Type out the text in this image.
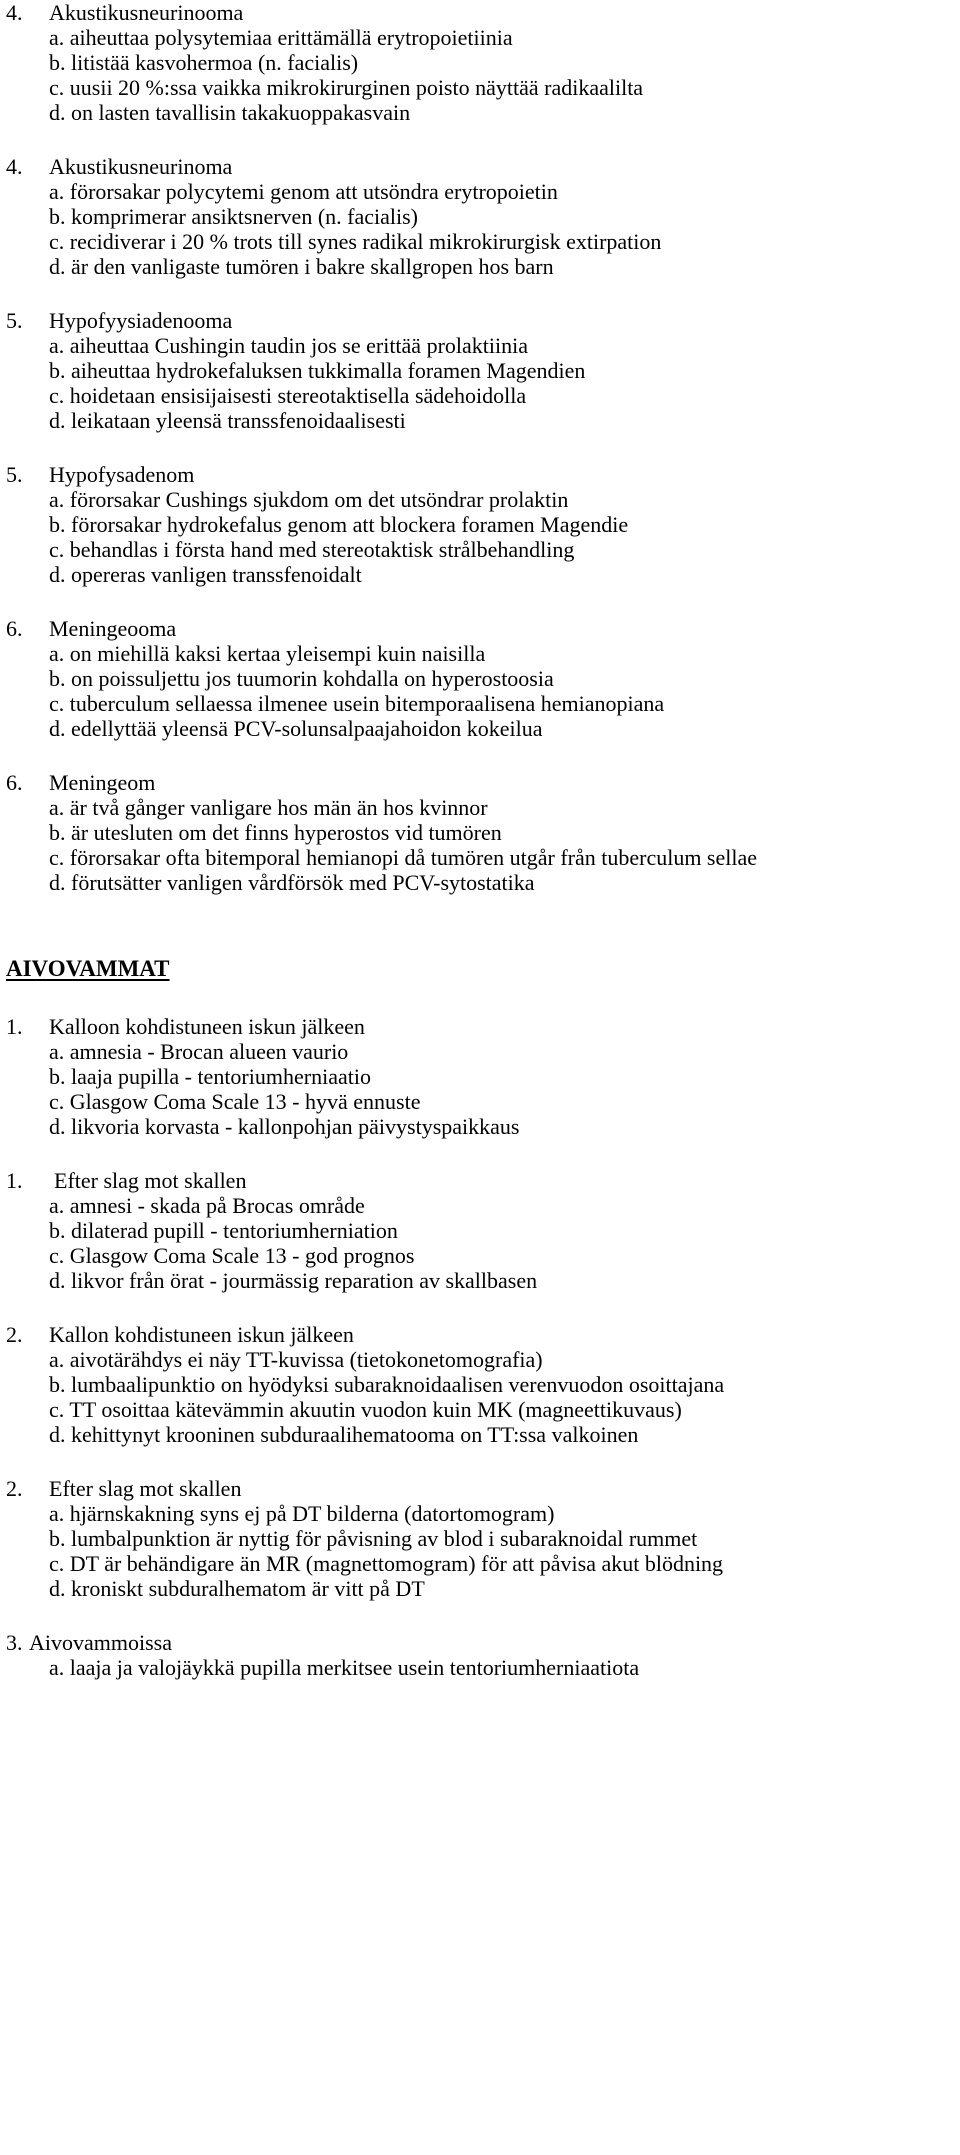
4.	Akustikusneurinooma
a. aiheuttaa polysytemiaa erittämällä erytropoietiinia
b. litistää kasvohermoa (n. facialis)
c. uusii 20 %:ssa vaikka mikrokirurginen poisto näyttää radikaalilta
d. on lasten tavallisin takakuoppakasvain
4.	Akustikusneurinoma
a. förorsakar polycytemi genom att utsöndra erytropoietin
b. komprimerar ansiktsnerven (n. facialis)
c. recidiverar i 20 % trots till synes radikal mikrokirurgisk extirpation
d. är den vanligaste tumören i bakre skallgropen hos barn
5.	Hypofyysiadenooma
a. aiheuttaa Cushingin taudin jos se erittää prolaktiinia
b. aiheuttaa hydrokefaluksen tukkimalla foramen Magendien
c. hoidetaan ensisijaisesti stereotaktisella sädehoidolla
d. leikataan yleensä transsfenoidaalisesti
5.	Hypofysadenom
a. förorsakar Cushings sjukdom om det utsöndrar prolaktin
b. förorsakar hydrokefalus genom att blockera foramen Magendie
c. behandlas i första hand med stereotaktisk strålbehandling
d. opereras vanligen transsfenoidalt
6.	Meningeooma
a. on miehillä kaksi kertaa yleisempi kuin naisilla
b. on poissuljettu jos tuumorin kohdalla on hyperostoosia
c. tuberculum sellaessa ilmenee usein bitemporaalisena hemianopiana
d. edellyttää yleensä PCV-solunsalpaajahoidon kokeilua
6.	Meningeom
a. är två gånger vanligare hos män än hos kvinnor
b. är utesluten om det finns hyperostos vid tumören
c. förorsakar ofta bitemporal hemianopi då tumören utgår från tuberculum sellae
d. förutsätter vanligen vårdförsök med PCV-sytostatika
AIVOVAMMAT
1.	Kalloon kohdistuneen iskun jälkeen
a. amnesia - Brocan alueen vaurio
b. laaja pupilla - tentoriumherniaatio
c. Glasgow Coma Scale 13 - hyvä ennuste
d. likvoria korvasta - kallonpohjan päivystyspaikkaus
1.	Efter slag mot skallen
a. amnesi - skada på Brocas område
b. dilaterad pupill - tentoriumherniation
c. Glasgow Coma Scale 13 - god prognos
d. likvor från örat - jourmässig reparation av skallbasen
2.	Kallon kohdistuneen iskun jälkeen
a. aivotärähdys ei näy TT-kuvissa (tietokonetomografia)
b. lumbaalipunktio on hyödyksi subaraknoidaalisen verenvuodon osoittajana
c. TT osoittaa kätevämmin akuutin vuodon kuin MK (magneettikuvaus)
d. kehittynyt krooninen subduraalihematooma on TT:ssa valkoinen
2.	Efter slag mot skallen
a. hjärnskakning syns ej på DT bilderna (datortomogram)
b. lumbalpunktion är nyttig för påvisning av blod i subaraknoidal rummet
c. DT är behändigare än MR (magnettomogram) för att påvisa akut blödning
d. kroniskt subduralhematom är vitt på DT
3. Aivovammoissa
a. laaja ja valojäykkä pupilla merkitsee usein tentoriumherniaatiota
